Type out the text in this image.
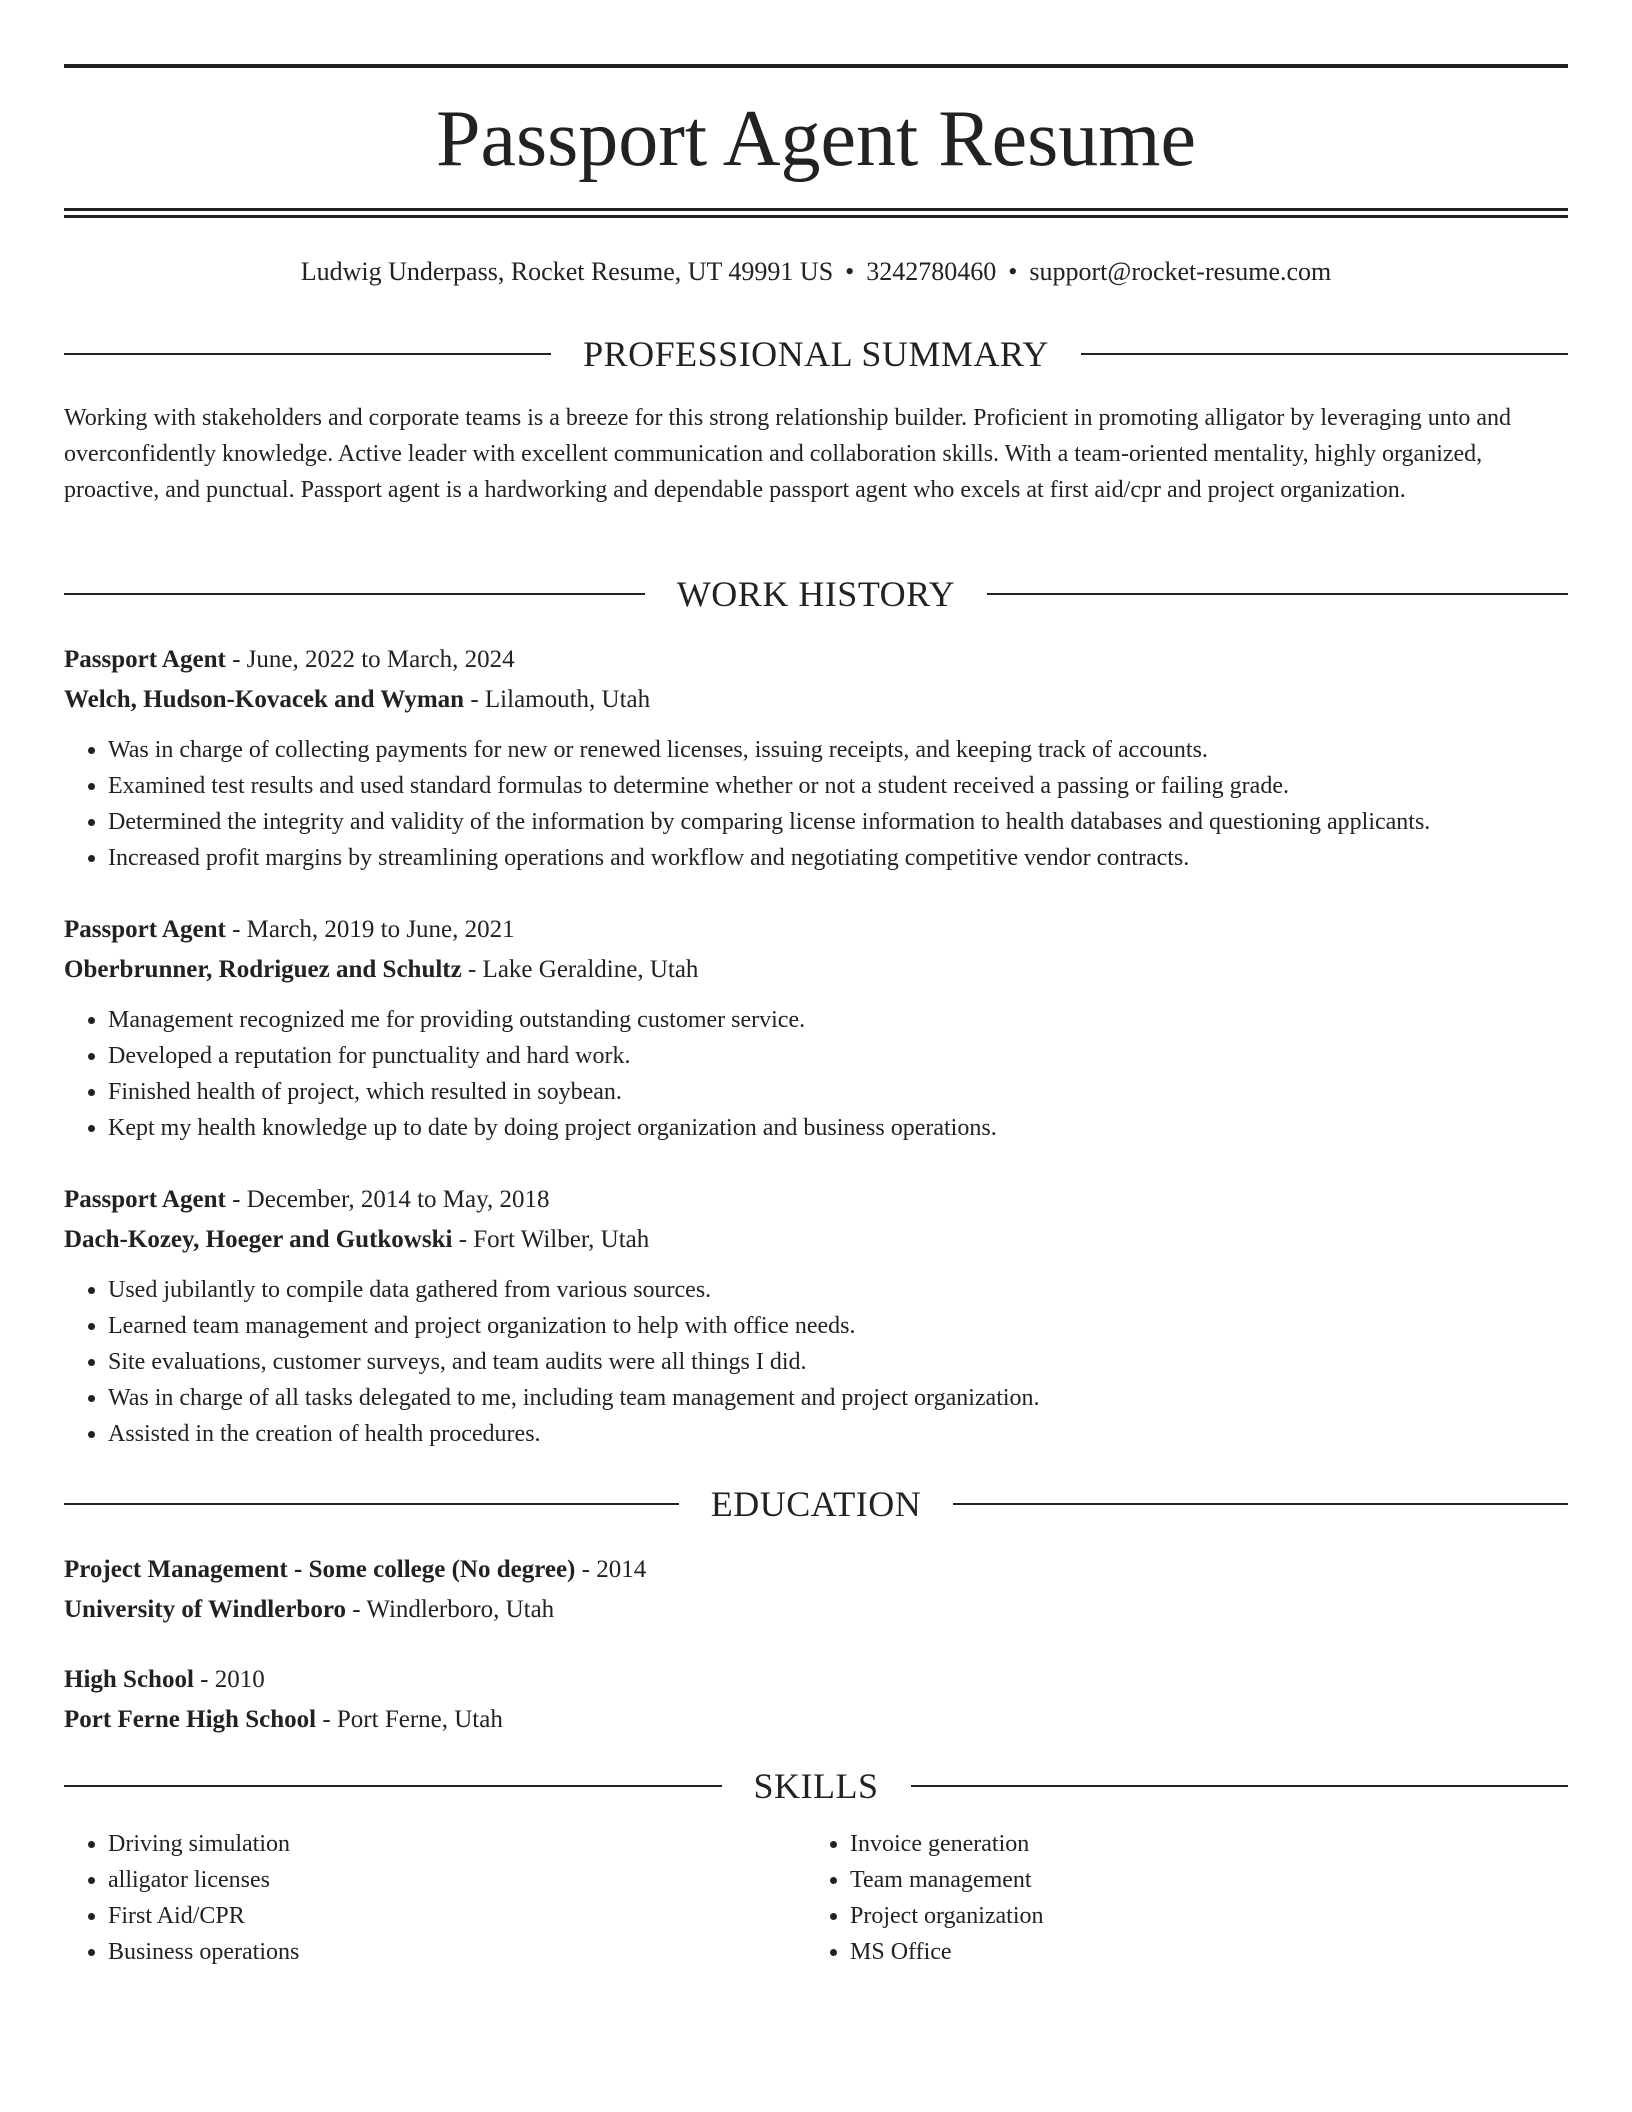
Passport Agent Resume
Ludwig Underpass, Rocket Resume, UT 49991 US • 3242780460 • support@rocket-resume.com
PROFESSIONAL SUMMARY

Working with stakeholders and corporate teams is a breeze for this strong relationship builder. Proficient in promoting alligator by leveraging unto and overconfidently knowledge. Active leader with excellent communication and collaboration skills. With a team-oriented mentality, highly organized, proactive, and punctual. Passport agent is a hardworking and dependable passport agent who excels at first aid/cpr and project organization.

WORK HISTORY

Passport Agent - June, 2022 to March, 2024

Welch, Hudson-Kovacek and Wyman - Lilamouth, Utah

• Was in charge of collecting payments for new or renewed licenses, issuing receipts, and keeping track of accounts.
• Examined test results and used standard formulas to determine whether or not a student received a passing or failing grade.
• Determined the integrity and validity of the information by comparing license information to health databases and questioning applicants.
• Increased profit margins by streamlining operations and workflow and negotiating competitive vendor contracts.

Passport Agent - March, 2019 to June, 2021

Oberbrunner, Rodriguez and Schultz - Lake Geraldine, Utah

• Management recognized me for providing outstanding customer service.
• Developed a reputation for punctuality and hard work.
• Finished health of project, which resulted in soybean.
• Kept my health knowledge up to date by doing project organization and business operations.

Passport Agent - December, 2014 to May, 2018

Dach-Kozey, Hoeger and Gutkowski - Fort Wilber, Utah

• Used jubilantly to compile data gathered from various sources.
• Learned team management and project organization to help with office needs.
• Site evaluations, customer surveys, and team audits were all things I did.
• Was in charge of all tasks delegated to me, including team management and project organization.
• Assisted in the creation of health procedures.
EDUCATION

Project Management - Some college (No degree) - 2014

University of Windlerboro - Windlerboro, Utah

High School - 2010

Port Ferne High School - Port Ferne, Utah

SKILLS
• Driving simulation
• alligator licenses
• First Aid/CPR
• Business operations
• Invoice generation
• Team management
• Project organization
• MS Office
